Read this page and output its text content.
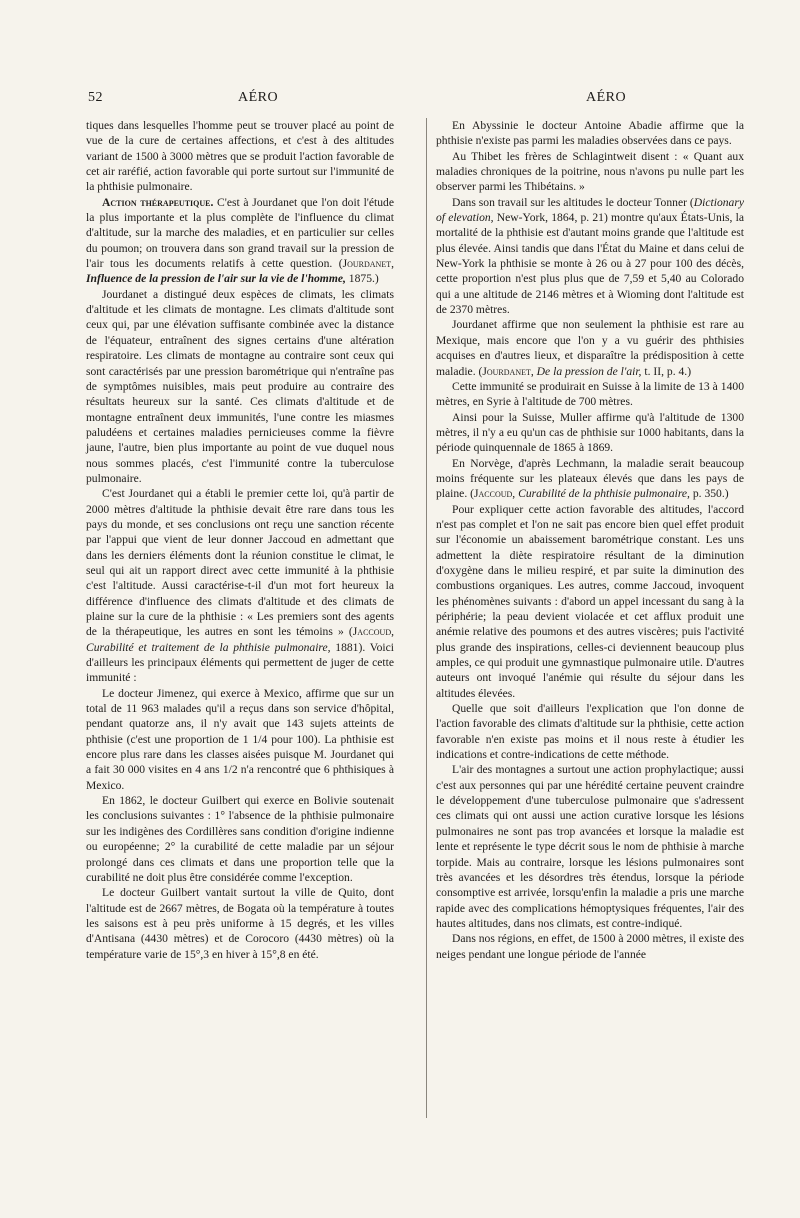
52	AÉRO	AÉRO

tiques dans lesquelles l'homme peut se trouver placé au point de vue de la cure de certaines affections, et c'est à des altitudes variant de 1500 à 3000 mètres que se produit l'action favorable de cet air raréfié, action favorable qui porte surtout sur l'immunité de la phthisie pulmonaire.

Action thérapeutique. C'est à Jourdanet que l'on doit l'étude la plus importante et la plus complète de l'influence du climat d'altitude, sur la marche des maladies, et en particulier sur celles du poumon; on trouvera dans son grand travail sur la pression de l'air tous les documents relatifs à cette question. (Jourdanet, Influence de la pression de l'air sur la vie de l'homme, 1875.)

Jourdanet a distingué deux espèces de climats, les climats d'altitude et les climats de montagne. Les climats d'altitude sont ceux qui, par une élévation suffisante combinée avec la distance de l'équateur, entraînent des signes certains d'une altération respiratoire. Les climats de montagne au contraire sont ceux qui sont caractérisés par une pression barométrique qui n'entraîne pas de symptômes nuisibles, mais peut produire au contraire des résultats heureux sur la santé. Ces climats d'altitude et de montagne entraînent deux immunités, l'une contre les miasmes paludéens et certaines maladies pernicieuses comme la fièvre jaune, l'autre, bien plus importante au point de vue duquel nous nous sommes placés, c'est l'immunité contre la tuberculose pulmonaire.

C'est Jourdanet qui a établi le premier cette loi, qu'à partir de 2000 mètres d'altitude la phthisie devait être rare dans tous les pays du monde, et ses conclusions ont reçu une sanction récente par l'appui que vient de leur donner Jaccoud en admettant que dans les derniers éléments dont la réunion constitue le climat, le seul qui ait un rapport direct avec cette immunité à la phthisie c'est l'altitude. Aussi caractérise-t-il d'un mot fort heureux la différence d'influence des climats d'altitude et des climats de plaine sur la cure de la phthisie : « Les premiers sont des agents de la thérapeutique, les autres en sont les témoins » (Jaccoud, Curabilité et traitement de la phthisie pulmonaire, 1881). Voici d'ailleurs les principaux éléments qui permettent de juger de cette immunité :

Le docteur Jimenez, qui exerce à Mexico, affirme que sur un total de 11 963 malades qu'il a reçus dans son service d'hôpital, pendant quatorze ans, il n'y avait que 143 sujets atteints de phthisie (c'est une proportion de 1 1/4 pour 100). La phthisie est encore plus rare dans les classes aisées puisque M. Jourdanet qui a fait 30 000 visites en 4 ans 1/2 n'a rencontré que 6 phthisiques à Mexico.

En 1862, le docteur Guilbert qui exerce en Bolivie soutenait les conclusions suivantes : 1° l'absence de la phthisie pulmonaire sur les indigènes des Cordillères sans condition d'origine indienne ou européenne; 2° la curabilité de cette maladie par un séjour prolongé dans ces climats et dans une proportion telle que la curabilité ne doit plus être considérée comme l'exception.

Le docteur Guilbert vantait surtout la ville de Quito, dont l'altitude est de 2667 mètres, de Bogata où la température à toutes les saisons est à peu près uniforme à 15 degrés, et les villes d'Antisana (4430 mètres) et de Corocoro (4430 mètres) où la température varie de 15°,3 en hiver à 15°,8 en été.

En Abyssinie le docteur Antoine Abadie affirme que la phthisie n'existe pas parmi les maladies observées dans ce pays.

Au Thibet les frères de Schlagintweit disent : « Quant aux maladies chroniques de la poitrine, nous n'avons pu nulle part les observer parmi les Thibétains. »

Dans son travail sur les altitudes le docteur Tonner (Dictionary of elevation, New-York, 1864, p. 21) montre qu'aux États-Unis, la mortalité de la phthisie est d'autant moins grande que l'altitude est plus élevée. Ainsi tandis que dans l'État du Maine et dans celui de New-York la phthisie se monte à 26 ou à 27 pour 100 des décès, cette proportion n'est plus plus que de 7,59 et 5,40 au Colorado qui a une altitude de 2146 mètres et à Wioming dont l'altitude est de 2370 mètres.

Jourdanet affirme que non seulement la phthisie est rare au Mexique, mais encore que l'on y a vu guérir des phthisies acquises en d'autres lieux, et disparaître la prédisposition à cette maladie. (Jourdanet, De la pression de l'air, t. II, p. 4.)

Cette immunité se produirait en Suisse à la limite de 13 à 1400 mètres, en Syrie à l'altitude de 700 mètres.

Ainsi pour la Suisse, Muller affirme qu'à l'altitude de 1300 mètres, il n'y a eu qu'un cas de phthisie sur 1000 habitants, dans la période quinquennale de 1865 à 1869.

En Norvège, d'après Lechmann, la maladie serait beaucoup moins fréquente sur les plateaux élevés que dans les pays de plaine. (Jaccoud, Curabilité de la phthisie pulmonaire, p. 350.)

Pour expliquer cette action favorable des altitudes, l'accord n'est pas complet et l'on ne sait pas encore bien quel effet produit sur l'économie un abaissement barométrique constant. Les uns admettent la diète respiratoire résultant de la diminution d'oxygène dans le milieu respiré, et par suite la diminution des combustions organiques. Les autres, comme Jaccoud, invoquent les phénomènes suivants : d'abord un appel incessant du sang à la périphérie; la peau devient violacée et cet afflux produit une anémie relative des poumons et des autres viscères; puis l'activité plus grande des inspirations, celles-ci deviennent beaucoup plus amples, ce qui produit une gymnastique pulmonaire utile. D'autres auteurs ont invoqué l'anémie qui résulte du séjour dans les altitudes élevées.

Quelle que soit d'ailleurs l'explication que l'on donne de l'action favorable des climats d'altitude sur la phthisie, cette action favorable n'en existe pas moins et il nous reste à étudier les indications et contre-indications de cette méthode.

L'air des montagnes a surtout une action prophylactique; aussi c'est aux personnes qui par une hérédité certaine peuvent craindre le développement d'une tuberculose pulmonaire que s'adressent ces climats qui ont aussi une action curative lorsque les lésions pulmonaires ne sont pas trop avancées et lorsque la maladie est lente et représente le type décrit sous le nom de phthisie à marche torpide. Mais au contraire, lorsque les lésions pulmonaires sont très avancées et les désordres très étendus, lorsque la période consomptive est arrivée, lorsqu'enfin la maladie a pris une marche rapide avec des complications hémoptysiques fréquentes, l'air des hautes altitudes, dans nos climats, est contre-indiqué.

Dans nos régions, en effet, de 1500 à 2000 mètres, il existe des neiges pendant une longue période de l'année
